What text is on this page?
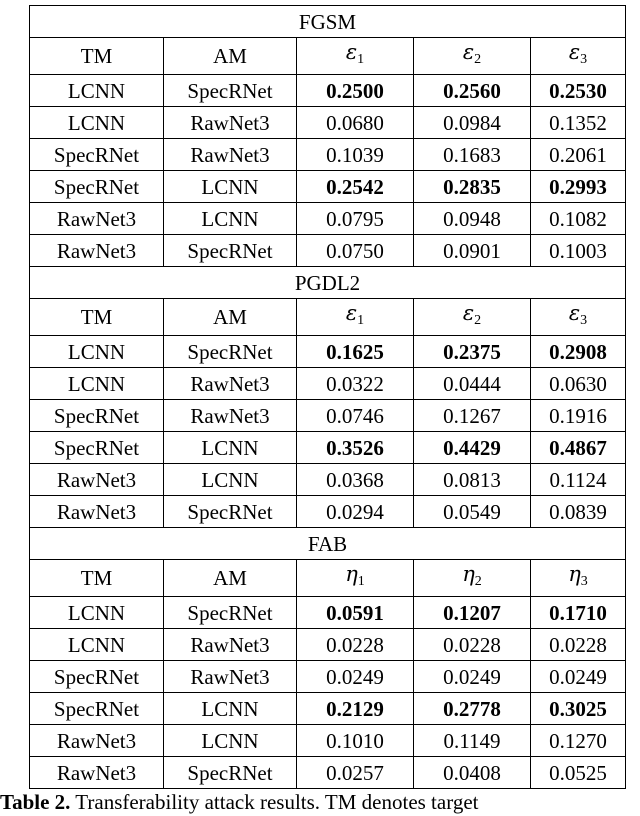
FGSM				
TM	AM	$\varepsilon_1$	$\varepsilon_2$	$\varepsilon_3$
LCNN	SpecRNet	0.2500	0.2560	0.2530
LCNN	RawNet3	0.0680	0.0984	0.1352
SpecRNet	RawNet3	0.1039	0.1683	0.2061
SpecRNet	LCNN	0.2542	0.2835	0.2993
RawNet3	LCNN	0.0795	0.0948	0.1082
RawNet3	SpecRNet	0.0750	0.0901	0.1003
PGDL2				
TM	AM	$\varepsilon_1$	$\varepsilon_2$	$\varepsilon_3$
LCNN	SpecRNet	0.1625	0.2375	0.2908
LCNN	RawNet3	0.0322	0.0444	0.0630
SpecRNet	RawNet3	0.0746	0.1267	0.1916
SpecRNet	LCNN	0.3526	0.4429	0.4867
RawNet3	LCNN	0.0368	0.0813	0.1124
RawNet3	SpecRNet	0.0294	0.0549	0.0839
FAB				
TM	AM	$\eta_1$	$\eta_2$	$\eta_3$
LCNN	SpecRNet	0.0591	0.1207	0.1710
LCNN	RawNet3	0.0228	0.0228	0.0228
SpecRNet	RawNet3	0.0249	0.0249	0.0249
SpecRNet	LCNN	0.2129	0.2778	0.3025
RawNet3	LCNN	0.1010	0.1149	0.1270
RawNet3	SpecRNet	0.0257	0.0408	0.0525
Table 2. Transferability attack results. TM denotes target
